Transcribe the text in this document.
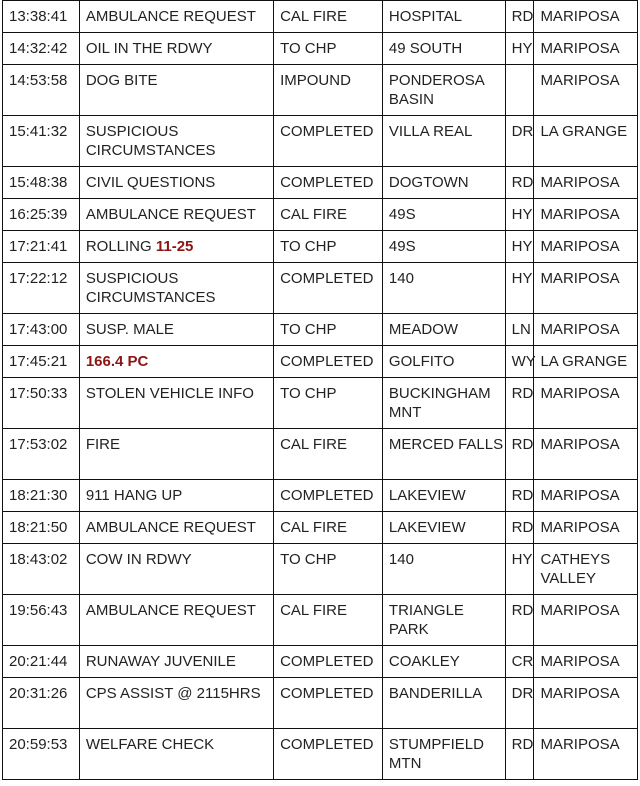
13:38:41	AMBULANCE REQUEST	CAL FIRE	HOSPITAL	RD	MARIPOSA
14:32:42	OIL IN THE RDWY	TO CHP	49 SOUTH	HY	MARIPOSA
14:53:58	DOG BITE	IMPOUND	PONDEROSA BASIN		MARIPOSA
15:41:32	SUSPICIOUS CIRCUMSTANCES	COMPLETED	VILLA REAL	DR	LA GRANGE
15:48:38	CIVIL QUESTIONS	COMPLETED	DOGTOWN	RD	MARIPOSA
16:25:39	AMBULANCE REQUEST	CAL FIRE	49S	HY	MARIPOSA
17:21:41	ROLLING 11-25	TO CHP	49S	HY	MARIPOSA
17:22:12	SUSPICIOUS CIRCUMSTANCES	COMPLETED	140	HY	MARIPOSA
17:43:00	SUSP. MALE	TO CHP	MEADOW	LN	MARIPOSA
17:45:21	166.4 PC	COMPLETED	GOLFITO	WY	LA GRANGE
17:50:33	STOLEN VEHICLE INFO	TO CHP	BUCKINGHAM MNT	RD	MARIPOSA
17:53:02	FIRE	CAL FIRE	MERCED FALLS	RD	MARIPOSA
18:21:30	911 HANG UP	COMPLETED	LAKEVIEW	RD	MARIPOSA
18:21:50	AMBULANCE REQUEST	CAL FIRE	LAKEVIEW	RD	MARIPOSA
18:43:02	COW IN RDWY	TO CHP	140	HY	CATHEYS VALLEY
19:56:43	AMBULANCE REQUEST	CAL FIRE	TRIANGLE PARK	RD	MARIPOSA
20:21:44	RUNAWAY JUVENILE	COMPLETED	COAKLEY	CR	MARIPOSA
20:31:26	CPS ASSIST @ 2115HRS	COMPLETED	BANDERILLA	DR	MARIPOSA
20:59:53	WELFARE CHECK	COMPLETED	STUMPFIELD MTN	RD	MARIPOSA
